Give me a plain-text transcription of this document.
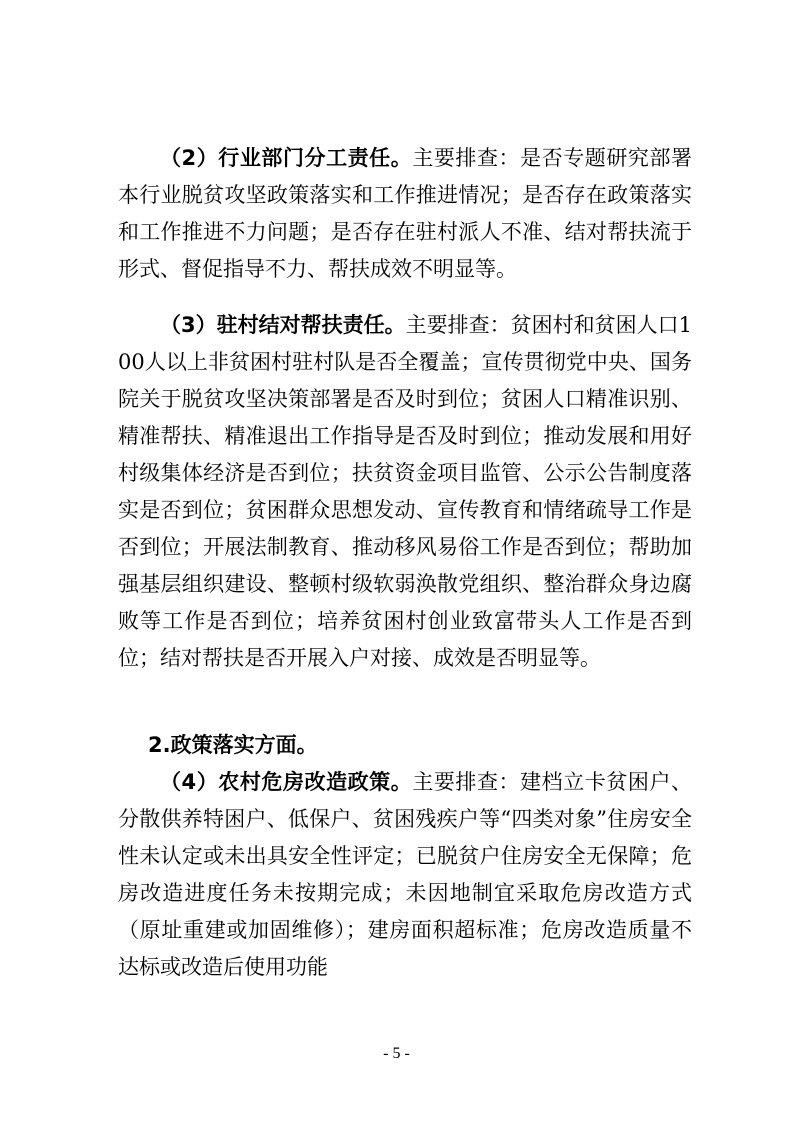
（2）行业部门分工责任。主要排查：是否专题研究部署本行业脱贫攻坚政策落实和工作推进情况；是否存在政策落实和工作推进不力问题；是否存在驻村派人不准、结对帮扶流于形式、督促指导不力、帮扶成效不明显等。

（3）驻村结对帮扶责任。主要排查：贫困村和贫困人口100人以上非贫困村驻村队是否全覆盖；宣传贯彻党中央、国务院关于脱贫攻坚决策部署是否及时到位；贫困人口精准识别、精准帮扶、精准退出工作指导是否及时到位；推动发展和用好村级集体经济是否到位；扶贫资金项目监管、公示公告制度落实是否到位；贫困群众思想发动、宣传教育和情绪疏导工作是否到位；开展法制教育、推动移风易俗工作是否到位；帮助加强基层组织建设、整顿村级软弱涣散党组织、整治群众身边腐败等工作是否到位；培养贫困村创业致富带头人工作是否到位；结对帮扶是否开展入户对接、成效是否明显等。

2.政策落实方面。

（4）农村危房改造政策。主要排查：建档立卡贫困户、分散供养特困户、低保户、贫困残疾户等“四类对象”住房安全性未认定或未出具安全性评定；已脱贫户住房安全无保障；危房改造进度任务未按期完成；未因地制宜采取危房改造方式（原址重建或加固维修）；建房面积超标准；危房改造质量不达标或改造后使用功能

- 5 -
